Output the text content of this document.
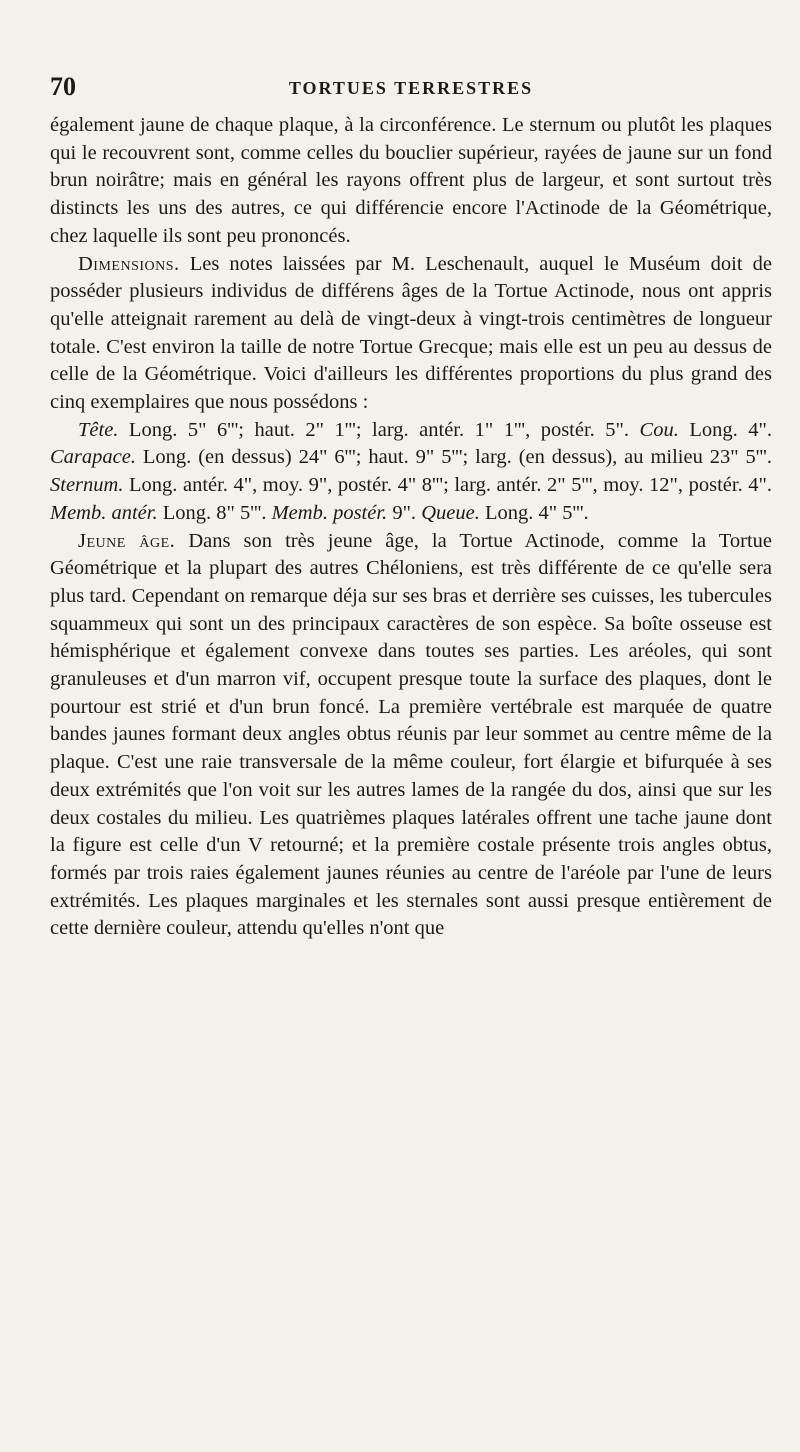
70	TORTUES TERRESTRES

également jaune de chaque plaque, à la circonférence. Le sternum ou plutôt les plaques qui le recouvrent sont, comme celles du bouclier supérieur, rayées de jaune sur un fond brun noirâtre; mais en général les rayons offrent plus de largeur, et sont surtout très distincts les uns des autres, ce qui différencie encore l'Actinode de la Géométrique, chez laquelle ils sont peu prononcés.

Dimensions. Les notes laissées par M. Leschenault, auquel le Muséum doit de posséder plusieurs individus de différens âges de la Tortue Actinode, nous ont appris qu'elle atteignait rarement au delà de vingt-deux à vingt-trois centimètres de longueur totale. C'est environ la taille de notre Tortue Grecque; mais elle est un peu au dessus de celle de la Géométrique. Voici d'ailleurs les différentes proportions du plus grand des cinq exemplaires que nous possédons :

Tête. Long. 5" 6'''; haut. 2" 1'''; larg. antér. 1" 1''', postér. 5". Cou. Long. 4". Carapace. Long. (en dessus) 24" 6'''; haut. 9" 5'''; larg. (en dessus), au milieu 23" 5'''. Sternum. Long. antér. 4", moy. 9", postér. 4" 8'''; larg. antér. 2" 5''', moy. 12", postér. 4". Memb. antér. Long. 8" 5'''. Memb. postér. 9". Queue. Long. 4" 5'''.

Jeune âge. Dans son très jeune âge, la Tortue Actinode, comme la Tortue Géométrique et la plupart des autres Chéloniens, est très différente de ce qu'elle sera plus tard. Cependant on remarque déja sur ses bras et derrière ses cuisses, les tubercules squammeux qui sont un des principaux caractères de son espèce. Sa boîte osseuse est hémisphérique et également convexe dans toutes ses parties. Les aréoles, qui sont granuleuses et d'un marron vif, occupent presque toute la surface des plaques, dont le pourtour est strié et d'un brun foncé. La première vertébrale est marquée de quatre bandes jaunes formant deux angles obtus réunis par leur sommet au centre même de la plaque. C'est une raie transversale de la même couleur, fort élargie et bifurquée à ses deux extrémités que l'on voit sur les autres lames de la rangée du dos, ainsi que sur les deux costales du milieu. Les quatrièmes plaques latérales offrent une tache jaune dont la figure est celle d'un V retourné; et la première costale présente trois angles obtus, formés par trois raies également jaunes réunies au centre de l'aréole par l'une de leurs extrémités. Les plaques marginales et les sternales sont aussi presque entièrement de cette dernière couleur, attendu qu'elles n'ont que
